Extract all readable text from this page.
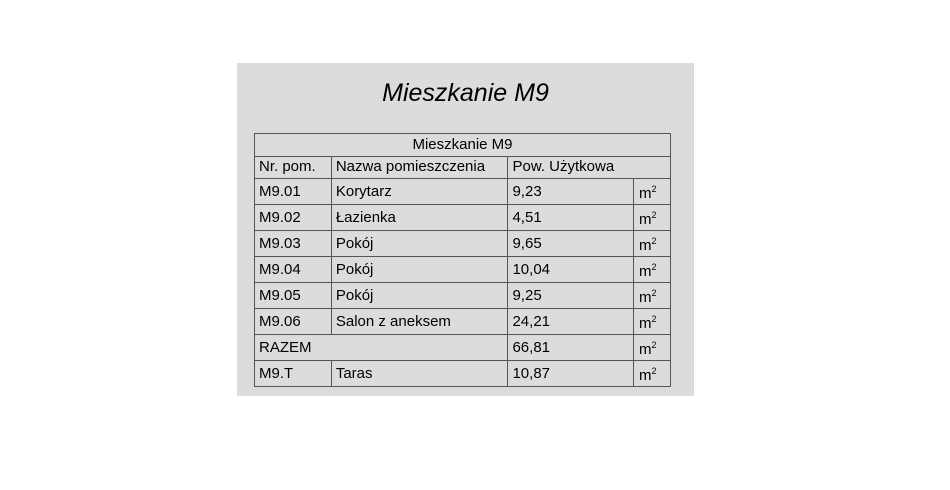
Mieszkanie M9
Mieszkanie M9			
Nr. pom.	Nazwa pomieszczenia	Pow. Użytkowa	
M9.01	Korytarz	9,23	$m^2$
M9.02	Łazienka	4,51	$m^2$
M9.03	Pokój	9,65	$m^2$
M9.04	Pokój	10,04	$m^2$
M9.05	Pokój	9,25	$m^2$
M9.06	Salon z aneksem	24,21	$m^2$
RAZEM		66,81	$m^2$
M9.T	Taras	10,87	$m^2$
